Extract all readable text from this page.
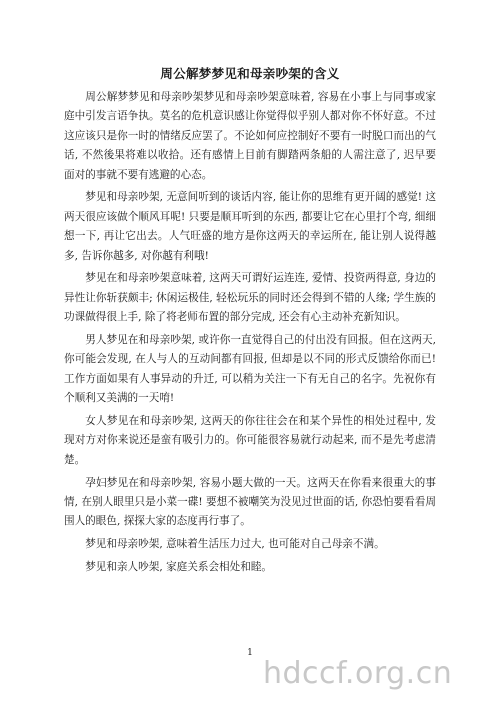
周公解梦梦见和母亲吵架的含义

周公解梦梦见和母亲吵架梦见和母亲吵架意味着, 容易在小事上与同事或家庭中引发言语争执。莫名的危机意识感让你觉得似乎别人都对你不怀好意。不过这应该只是你一时的情绪反应罢了。不论如何应控制好不要有一时脱口而出的气话, 不然後果将难以收拾。还有感情上目前有脚踏两条船的人需注意了, 迟早要面对的事就不要有逃避的心态。

梦见和母亲吵架, 无意间听到的谈话内容, 能让你的思维有更开阔的感觉! 这两天很应该做个顺风耳呢! 只要是顺耳听到的东西, 都要让它在心里打个弯, 细细想一下, 再让它出去。人气旺盛的地方是你这两天的幸运所在, 能让别人说得越多, 告诉你越多, 对你越有利哦!

梦见在和母亲吵架意味着, 这两天可谓好运连连, 爱情、投资两得意, 身边的异性让你斩获颇丰; 休闲运极佳, 轻松玩乐的同时还会得到不错的人缘; 学生族的功课做得很上手, 除了将老师布置的部分完成, 还会有心主动补充新知识。

男人梦见在和母亲吵架, 或许你一直觉得自己的付出没有回报。但在这两天, 你可能会发现, 在人与人的互动间都有回报, 但却是以不同的形式反馈给你而已! 工作方面如果有人事异动的升迁, 可以稍为关注一下有无自己的名字。先祝你有个顺利又美满的一天唷!

女人梦见在和母亲吵架, 这两天的你往往会在和某个异性的相处过程中, 发现对方对你来说还是蛮有吸引力的。你可能很容易就行动起来, 而不是先考虑清楚。

孕妇梦见在和母亲吵架, 容易小题大做的一天。这两天在你看来很重大的事情, 在别人眼里只是小菜一碟! 要想不被嘲笑为没见过世面的话, 你恐怕要看看周围人的眼色, 探探大家的态度再行事了。

梦见和母亲吵架, 意味着生活压力过大, 也可能对自己母亲不满。

梦见和亲人吵架, 家庭关系会相处和睦。

1
hdccf.org.cn
